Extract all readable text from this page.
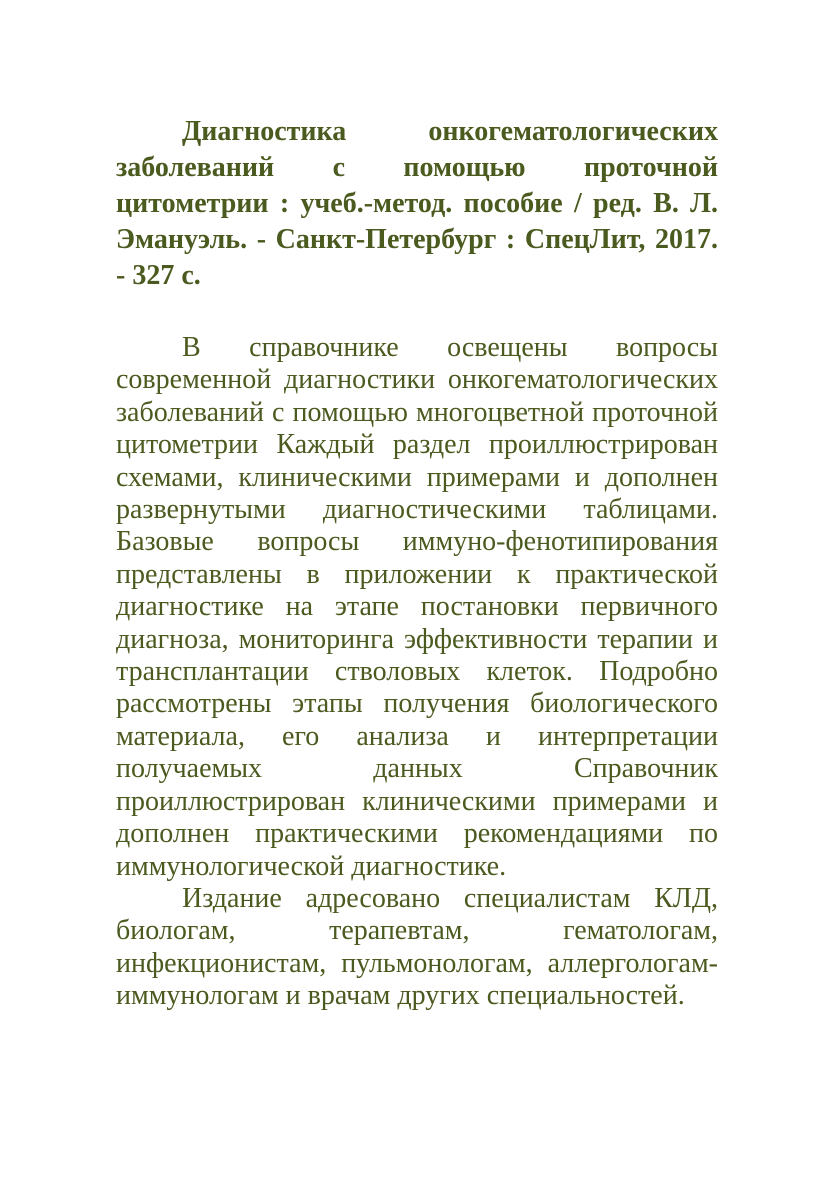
Диагностика онкогематологических заболеваний с помощью проточной цитометрии : учеб.-метод. пособие / ред. В. Л. Эмануэль. - Санкт-Петербург : СпецЛит, 2017. - 327 с.

В справочнике освещены вопросы современной диагностики онкогематологических заболеваний с помощью многоцветной проточной цитометрии Каждый раздел проиллюстрирован схемами, клиническими примерами и дополнен развернутыми диагностическими таблицами. Базовые вопросы иммуно-фенотипирования представлены в приложении к практической диагностике на этапе постановки первичного диагноза, мониторинга эффективности терапии и трансплантации стволовых клеток. Подробно рассмотрены этапы получения биологического материала, его анализа и интерпретации получаемых данных Справочник проиллюстрирован клиническими примерами и дополнен практическими рекомендациями по иммунологической диагностике.

Издание адресовано специалистам КЛД, биологам, терапевтам, гематологам, инфекционистам, пульмонологам, аллергологам-иммунологам и врачам других специальностей.
